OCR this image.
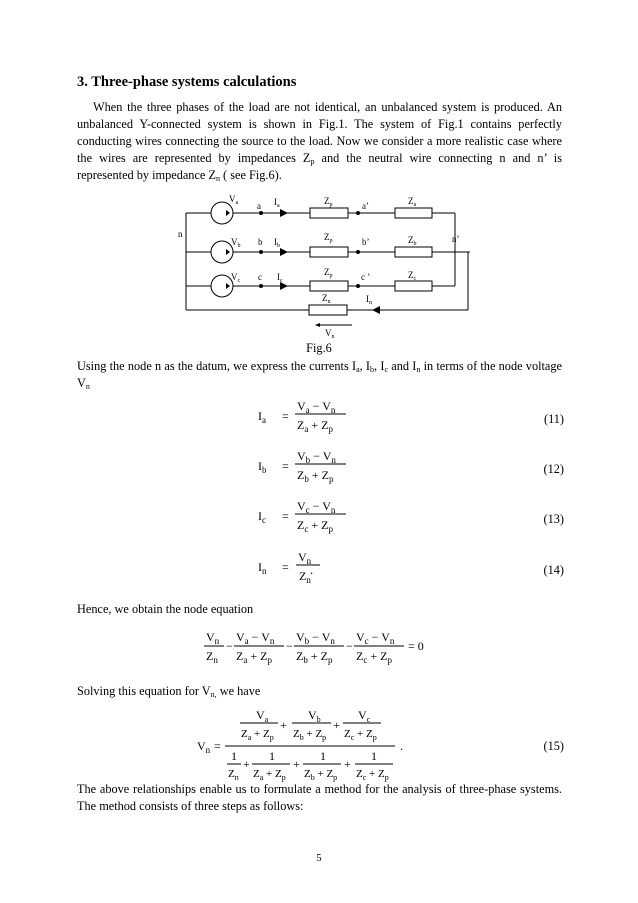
3. Three-phase systems calculations

When the three phases of the load are not identical, an unbalanced system is produced. An unbalanced Y-connected system is shown in Fig.1. The system of Fig.1 contains perfectly conducting wires connecting the source to the load. Now we consider a more realistic case where the wires are represented by impedances $Z_p$ and the neutral wire connecting n and n’ is represented by impedance $Z_n$ ( see Fig.6).

n	n’
$V_a$ a $I_a$	$Z_p$	a’	$Z_a$
$V_b$ b $I_b$
$Z_p$	b’	$Z_b$
$V_c$ c $I_c$
$Z_p$	c ’	$Z_c$
$Z_n$	$I_n$
$V_n$
Fig.6

Using the node n as the datum, we express the currents $I_a$, $I_b$, $I_c$ and $I_n$ in terms of the node voltage $V_n$

$I_a$ =
$V_a - V_n$
$Z_a + Z_p$
$I_b$ =
$V_b - V_n$
$Z_b + Z_p$
$I_c$ =
$V_c - V_n$
$Z_c + Z_p$
$I_n$ =
$V_n$
$Z_n$
.
(11)
(12)
(13)
(14)

Hence, we obtain the node equation

$V_n$
$Z_n$
−
$V_a - V_n$
$Z_a + Z_p$
−
$V_b - V_n$
$Z_b + Z_p$
−
$V_c - V_n$
$Z_c + Z_p$
= 0

Solving this equation for $V_{n,}$ we have

$V_n$ =
$V_a$
$Z_a + Z_p$
+
$V_b$
$Z_b + Z_p$
+
$V_c$
$Z_c + Z_p$
1
$Z_n$
+
1
$Z_a + Z_p$
+
1
$Z_b + Z_p$
+
1
$Z_c + Z_p$
.	(15)

The above relationships enable us to formulate a method for the analysis of three-phase systems. The method consists of three steps as follows:

5
